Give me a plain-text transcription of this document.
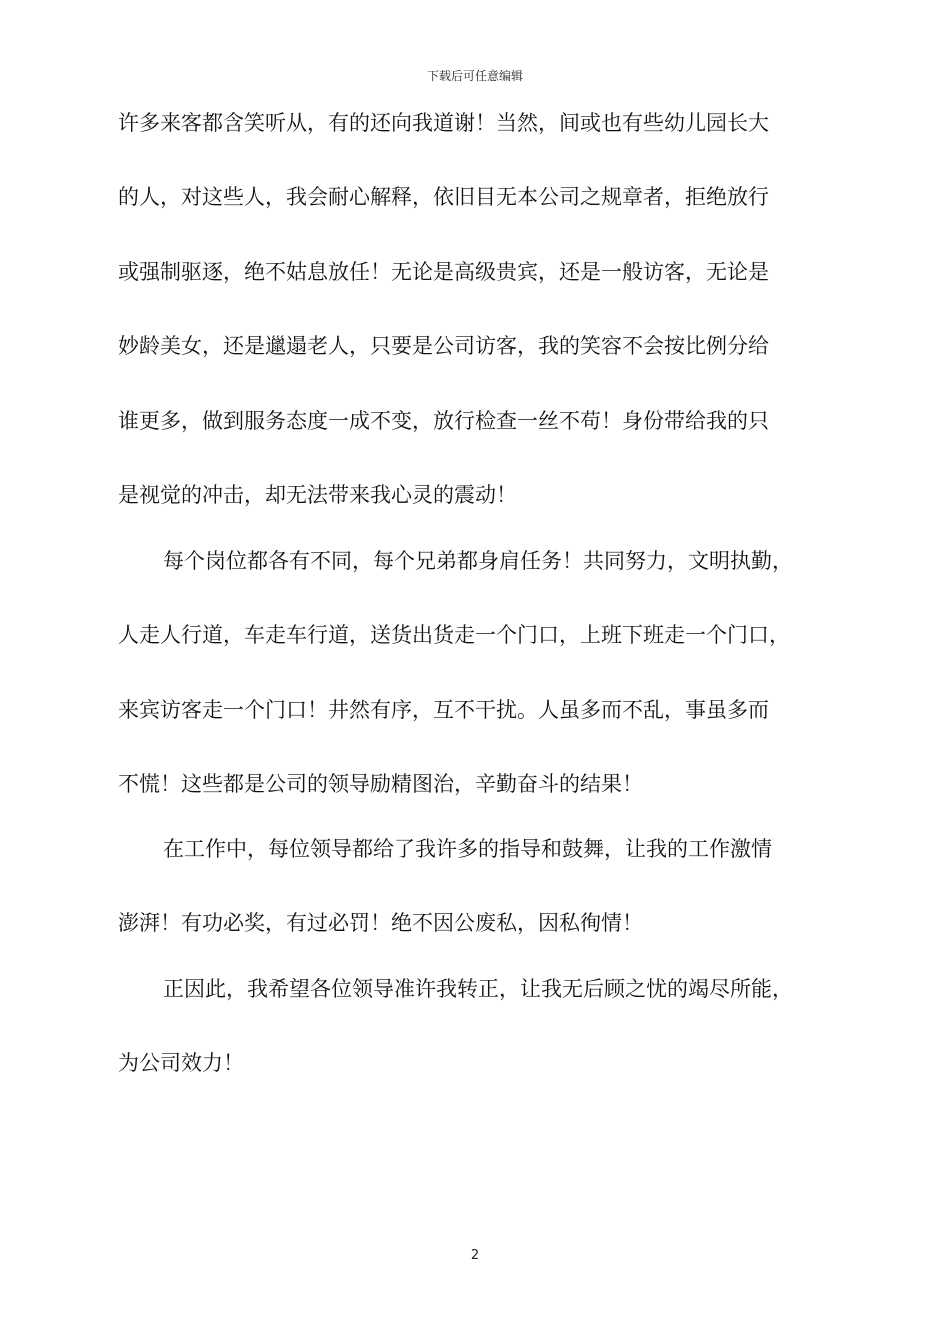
下载后可任意编辑
许多来客都含笑听从，有的还向我道谢！当然，间或也有些幼儿园长大
的人，对这些人，我会耐心解释，依旧目无本公司之规章者，拒绝放行
或强制驱逐，绝不姑息放任！无论是高级贵宾，还是一般访客，无论是
妙龄美女，还是邋遢老人，只要是公司访客，我的笑容不会按比例分给
谁更多，做到服务态度一成不变，放行检查一丝不苟！身份带给我的只
是视觉的冲击，却无法带来我心灵的震动！
每个岗位都各有不同，每个兄弟都身肩任务！共同努力，文明执勤，
人走人行道，车走车行道，送货出货走一个门口，上班下班走一个门口，
来宾访客走一个门口！井然有序，互不干扰。人虽多而不乱，事虽多而
不慌！这些都是公司的领导励精图治，辛勤奋斗的结果！
在工作中，每位领导都给了我许多的指导和鼓舞，让我的工作激情
澎湃！有功必奖，有过必罚！绝不因公废私，因私徇情！
正因此，我希望各位领导准许我转正，让我无后顾之忧的竭尽所能，
为公司效力！
2
